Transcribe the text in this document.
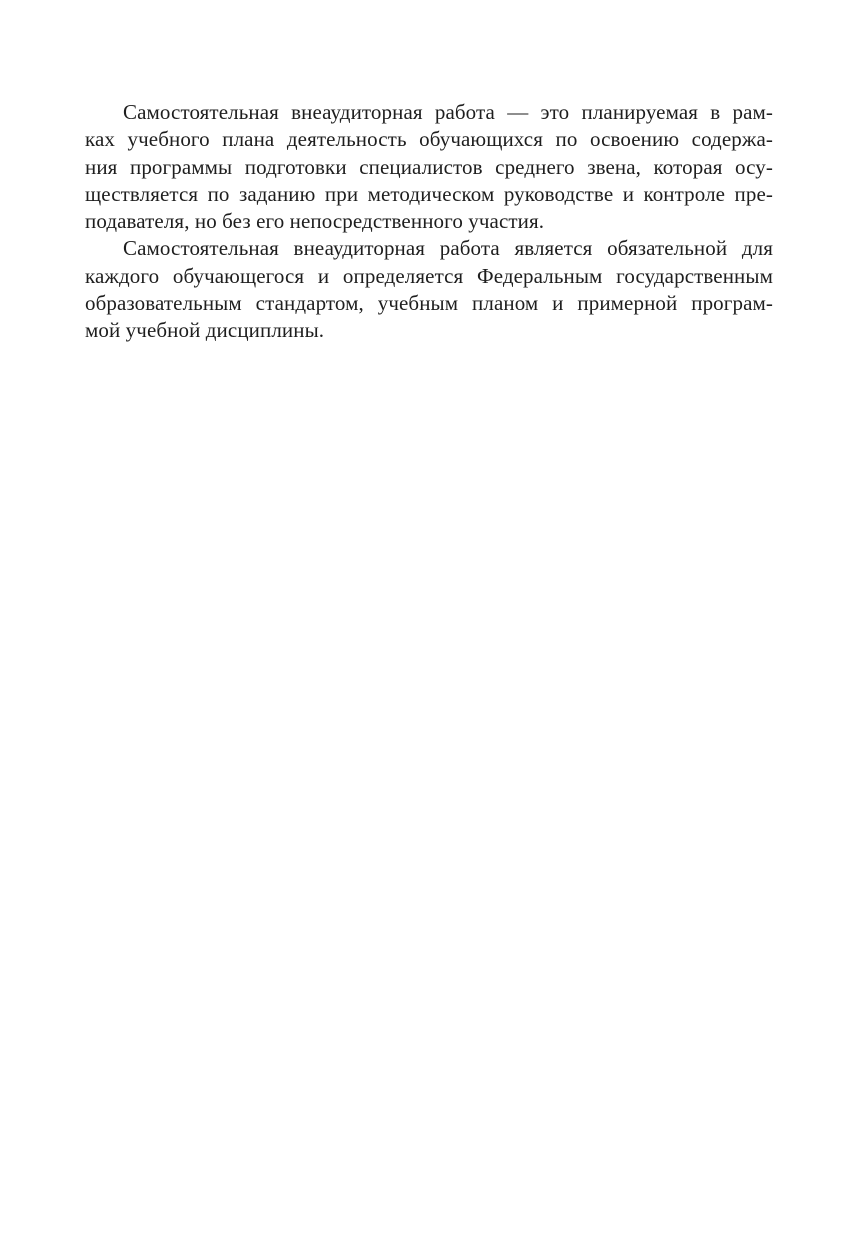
Самостоятельная внеаудиторная работа — это планируемая в рам-
ках учебного плана деятельность обучающихся по освоению содержа-
ния программы подготовки специалистов среднего звена, которая осу-
ществляется по заданию при методическом руководстве и контроле пре-
подавателя, но без его непосредственного участия.
Самостоятельная внеаудиторная работа является обязательной для
каждого обучающегося и определяется Федеральным государственным
образовательным стандартом, учебным планом и примерной програм-
мой учебной дисциплины.
